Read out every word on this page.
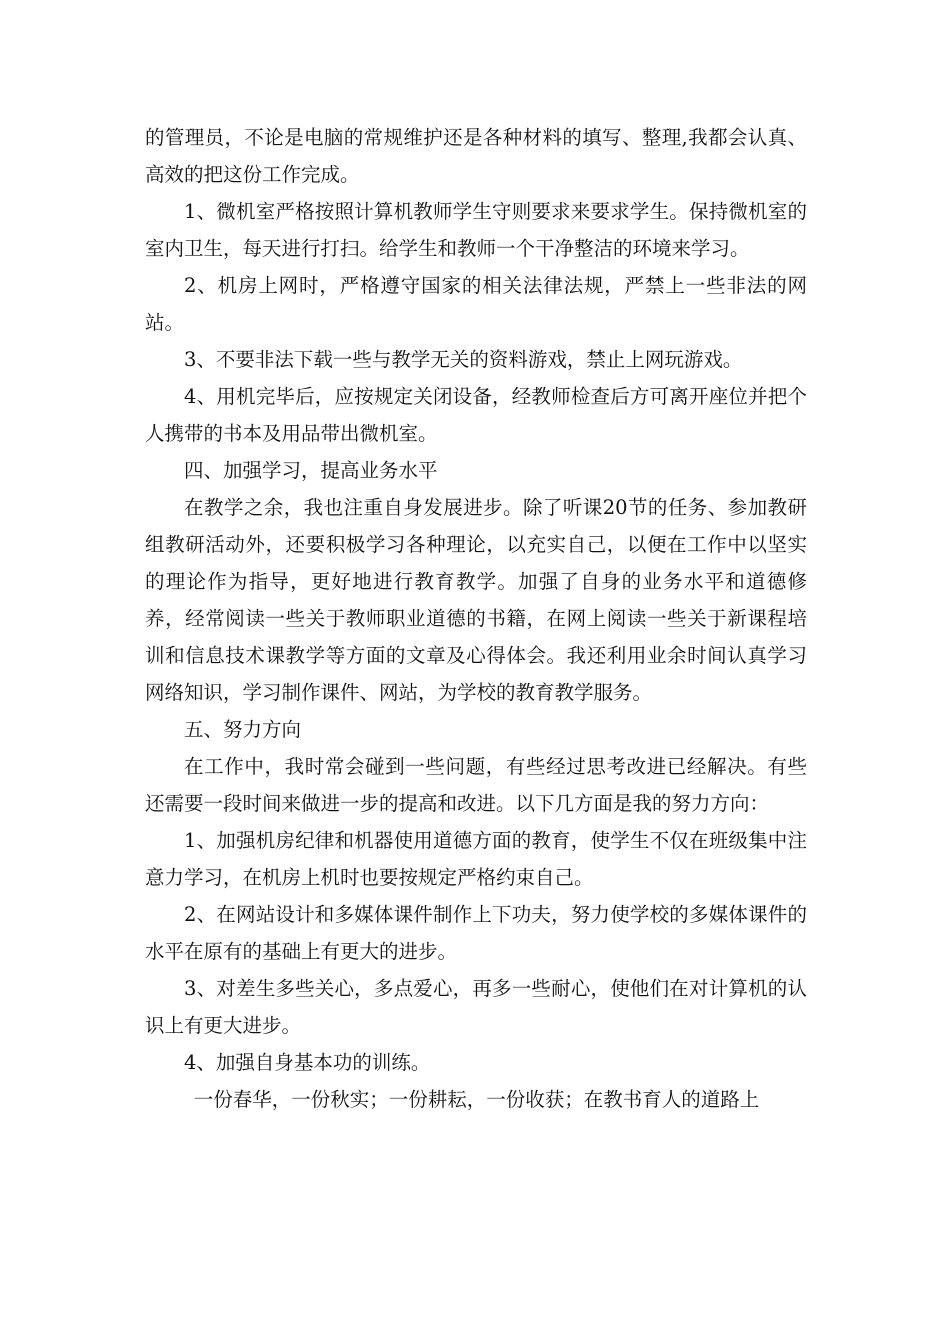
的管理员，不论是电脑的常规维护还是各种材料的填写、整理,我都会认真、高效的把这份工作完成。

1、微机室严格按照计算机教师学生守则要求来要求学生。保持微机室的室内卫生，每天进行打扫。给学生和教师一个干净整洁的环境来学习。

2、机房上网时，严格遵守国家的相关法律法规，严禁上一些非法的网站。

3、不要非法下载一些与教学无关的资料游戏，禁止上网玩游戏。

4、用机完毕后，应按规定关闭设备，经教师检查后方可离开座位并把个人携带的书本及用品带出微机室。

四、加强学习，提高业务水平

在教学之余，我也注重自身发展进步。除了听课20节的任务、参加教研组教研活动外，还要积极学习各种理论，以充实自己，以便在工作中以坚实的理论作为指导，更好地进行教育教学。加强了自身的业务水平和道德修养，经常阅读一些关于教师职业道德的书籍，在网上阅读一些关于新课程培训和信息技术课教学等方面的文章及心得体会。我还利用业余时间认真学习网络知识，学习制作课件、网站，为学校的教育教学服务。

五、努力方向

在工作中，我时常会碰到一些问题，有些经过思考改进已经解决。有些还需要一段时间来做进一步的提高和改进。以下几方面是我的努力方向：

1、加强机房纪律和机器使用道德方面的教育，使学生不仅在班级集中注意力学习，在机房上机时也要按规定严格约束自己。

2、在网站设计和多媒体课件制作上下功夫，努力使学校的多媒体课件的水平在原有的基础上有更大的进步。

3、对差生多些关心，多点爱心，再多一些耐心，使他们在对计算机的认识上有更大进步。

4、加强自身基本功的训练。

一份春华，一份秋实；一份耕耘，一份收获；在教书育人的道路上
